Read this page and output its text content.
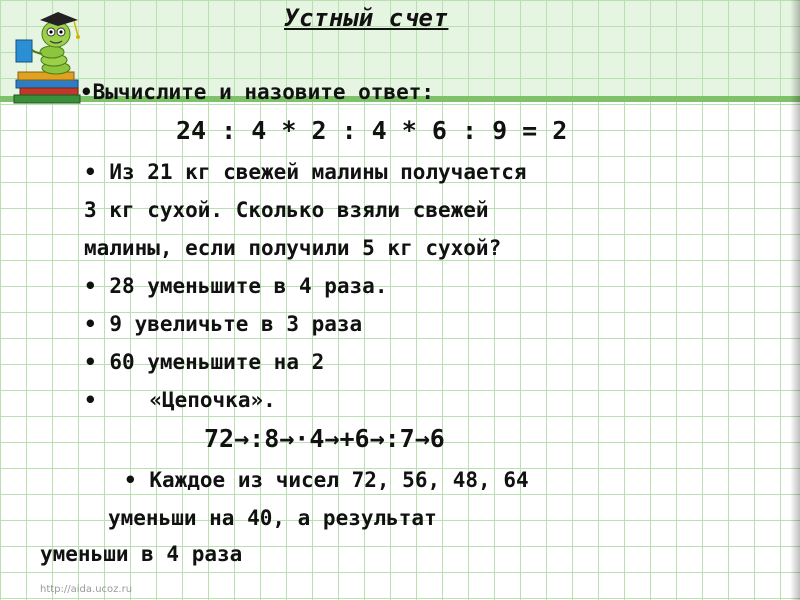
Устный счет
•Вычислите и назовите ответ:
24 : 4 * 2 : 4 * 6 : 9 = 2
• Из 21 кг свежей малины получается
3 кг сухой. Сколько взяли свежей
малины, если получили 5 кг сухой?
• 28 уменьшите в 4 раза.
• 9 увеличьте в 3 раза
• 60 уменьшите на 2
•	«Цепочка».
72→:8→·4→+6→:7→6
• Каждое из чисел 72, 56, 48, 64
уменьши на 40, а результат
уменьши в 4 раза
http://aida.ucoz.ru
